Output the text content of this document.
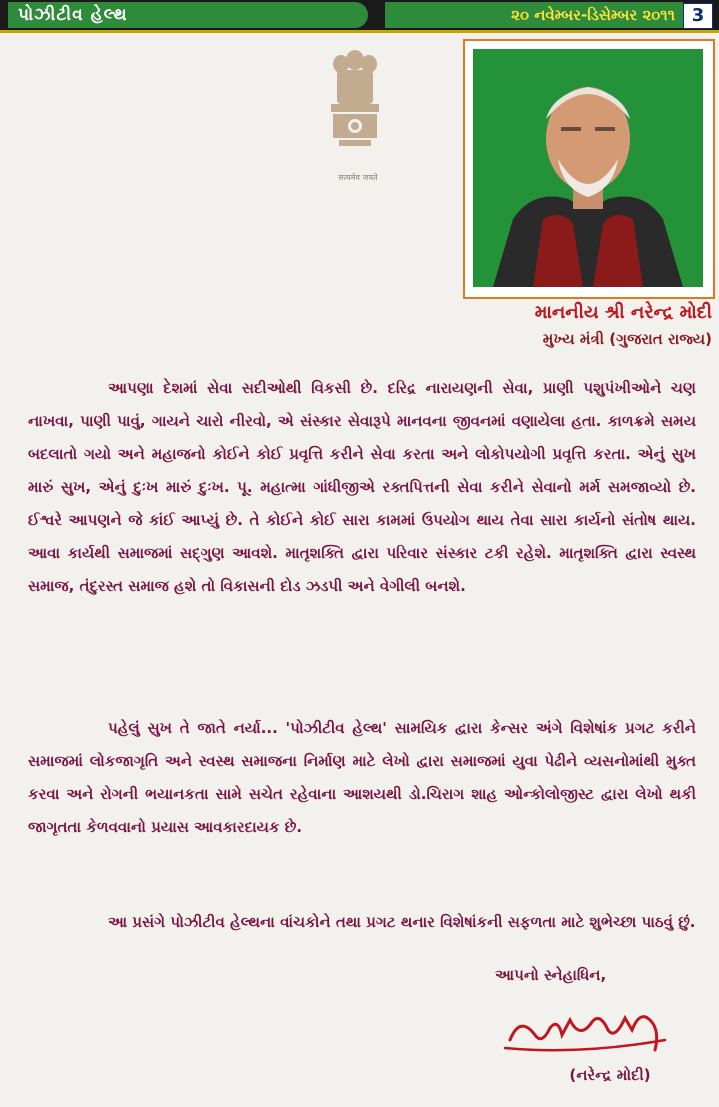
પોઝીટીવ હેલ્થ	૨૦ નવેમ્બર-ડિસેમ્બર ૨૦૧૧ 3
सत्यमेव जयते
માનનીય શ્રી નરેન્દ્ર મોદી
મુખ્ય મંત્રી (ગુજરાત રાજ્ય)
આપણા દેશમાં સેવા સદીઓથી વિકસી છે. દરિદ્ર નારાયણની સેવા, પ્રાણી પશુપંખીઓને ચણ નાખવા, પાણી પાવું, ગાયને ચારો નીરવો, એ સંસ્કાર સેવારૂપે માનવના જીવનમાં વણાયેલા હતા. કાળક્રમે સમય બદલાતો ગયો અને મહાજનો કોઈને કોઈ પ્રવૃત્તિ કરીને સેવા કરતા અને લોકોપયોગી પ્રવૃત્તિ કરતા. એનું સુખ મારું સુખ, એનું દુઃખ મારું દુઃખ. પૂ. મહાત્મા ગાંધીજીએ રક્તપિત્તની સેવા કરીને સેવાનો મર્મ સમજાવ્યો છે. ઈશ્વરે આપણને જે કાંઈ આપ્યું છે. તે કોઈને કોઈ સારા કામમાં ઉપયોગ થાય તેવા સારા કાર્યનો સંતોષ થાય. આવા કાર્યથી સમાજમાં સદ્‌ગુણ આવશે. માતૃશક્તિ દ્વારા પરિવાર સંસ્કાર ટકી રહેશે. માતૃશક્તિ દ્વારા સ્વસ્થ સમાજ, તંદુરસ્ત સમાજ હશે તો વિકાસની દોડ ઝડપી અને વેગીલી બનશે.
પહેલું સુખ તે જાતે નર્યા... 'પોઝીટીવ હેલ્થ' સામયિક દ્વારા કેન્સર અંગે વિશેષાંક પ્રગટ કરીને સમાજમાં લોકજાગૃતિ અને સ્વસ્થ સમાજના નિર્માણ માટે લેખો દ્વારા સમાજમાં યુવા પેઢીને વ્યસનોમાંથી મુક્ત કરવા અને રોગની ભયાનકતા સામે સચેત રહેવાના આશયથી ડો.ચિરાગ શાહ ઓન્કોલોજીસ્ટ દ્વારા લેખો થકી જાગૃતતા કેળવવાનો પ્રયાસ આવકારદાયક છે.
આ પ્રસંગે પોઝીટીવ હેલ્થના વાંચકોને તથા પ્રગટ થનાર વિશેષાંકની સફળતા માટે શુભેચ્છા પાઠવું છું.
આપનો સ્નેહાધિન,
(નરેન્દ્ર મોદી)
